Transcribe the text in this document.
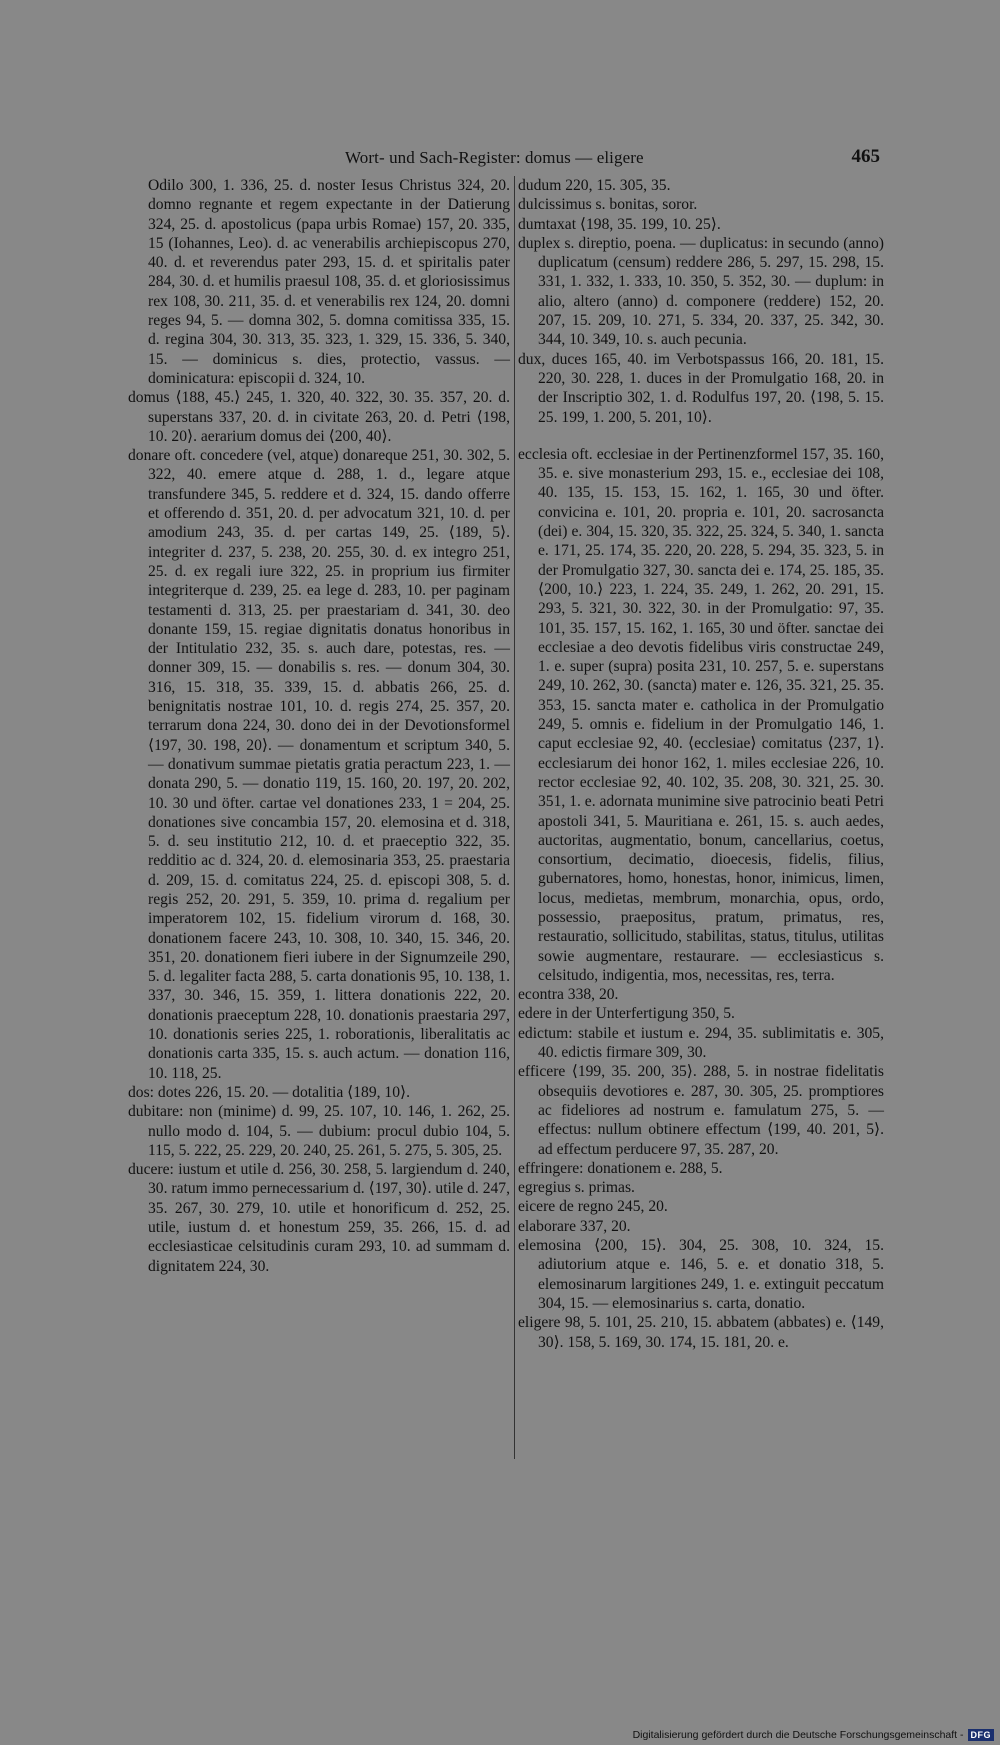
Wort- und Sach-Register: domus — eligere	465

Odilo 300, 1. 336, 25. d. noster Iesus Christus 324, 20. domno regnante et regem expectante in der Datierung 324, 25. d. apostolicus (papa urbis Romae) 157, 20. 335, 15 (Iohannes, Leo). d. ac venerabilis archiepiscopus 270, 40. d. et reverendus pater 293, 15. d. et spiritalis pater 284, 30. d. et humilis praesul 108, 35. d. et gloriosissimus rex 108, 30. 211, 35. d. et venerabilis rex 124, 20. domni reges 94, 5. — domna 302, 5. domna comitissa 335, 15. d. regina 304, 30. 313, 35. 323, 1. 329, 15. 336, 5. 340, 15. — dominicus s. dies, protectio, vassus. — dominicatura: episcopii d. 324, 10.

domus ⟨188, 45.⟩ 245, 1. 320, 40. 322, 30. 35. 357, 20. d. superstans 337, 20. d. in civitate 263, 20. d. Petri ⟨198, 10. 20⟩. aerarium domus dei ⟨200, 40⟩.

donare oft. concedere (vel, atque) donareque 251, 30. 302, 5. 322, 40. emere atque d. 288, 1. d., legare atque transfundere 345, 5. reddere et d. 324, 15. dando offerre et offerendo d. 351, 20. d. per advocatum 321, 10. d. per amodium 243, 35. d. per cartas 149, 25. ⟨189, 5⟩. integriter d. 237, 5. 238, 20. 255, 30. d. ex integro 251, 25. d. ex regali iure 322, 25. in proprium ius firmiter integriterque d. 239, 25. ea lege d. 283, 10. per paginam testamenti d. 313, 25. per praestariam d. 341, 30. deo donante 159, 15. regiae dignitatis donatus honoribus in der Intitulatio 232, 35. s. auch dare, potestas, res. — donner 309, 15. — donabilis s. res. — donum 304, 30. 316, 15. 318, 35. 339, 15. d. abbatis 266, 25. d. benignitatis nostrae 101, 10. d. regis 274, 25. 357, 20. terrarum dona 224, 30. dono dei in der Devotionsformel ⟨197, 30. 198, 20⟩. — donamentum et scriptum 340, 5. — donativum summae pietatis gratia peractum 223, 1. — donata 290, 5. — donatio 119, 15. 160, 20. 197, 20. 202, 10. 30 und öfter. cartae vel donationes 233, 1 = 204, 25. donationes sive concambia 157, 20. elemosina et d. 318, 5. d. seu institutio 212, 10. d. et praeceptio 322, 35. redditio ac d. 324, 20. d. elemosinaria 353, 25. praestaria d. 209, 15. d. comitatus 224, 25. d. episcopi 308, 5. d. regis 252, 20. 291, 5. 359, 10. prima d. regalium per imperatorem 102, 15. fidelium virorum d. 168, 30. donationem facere 243, 10. 308, 10. 340, 15. 346, 20. 351, 20. donationem fieri iubere in der Signumzeile 290, 5. d. legaliter facta 288, 5. carta donationis 95, 10. 138, 1. 337, 30. 346, 15. 359, 1. littera donationis 222, 20. donationis praeceptum 228, 10. donationis praestaria 297, 10. donationis series 225, 1. roborationis, liberalitatis ac donationis carta 335, 15. s. auch actum. — donation 116, 10. 118, 25.

dos: dotes 226, 15. 20. — dotalitia ⟨189, 10⟩.

dubitare: non (minime) d. 99, 25. 107, 10. 146, 1. 262, 25. nullo modo d. 104, 5. — dubium: procul dubio 104, 5. 115, 5. 222, 25. 229, 20. 240, 25. 261, 5. 275, 5. 305, 25.

ducere: iustum et utile d. 256, 30. 258, 5. largiendum d. 240, 30. ratum immo pernecessarium d. ⟨197, 30⟩. utile d. 247, 35. 267, 30. 279, 10. utile et honorificum d. 252, 25. utile, iustum d. et honestum 259, 35. 266, 15. d. ad ecclesiasticae celsitudinis curam 293, 10. ad summam d. dignitatem 224, 30.

dudum 220, 15. 305, 35.

dulcissimus s. bonitas, soror.

dumtaxat ⟨198, 35. 199, 10. 25⟩.

duplex s. direptio, poena. — duplicatus: in secundo (anno) duplicatum (censum) reddere 286, 5. 297, 15. 298, 15. 331, 1. 332, 1. 333, 10. 350, 5. 352, 30. — duplum: in alio, altero (anno) d. componere (reddere) 152, 20. 207, 15. 209, 10. 271, 5. 334, 20. 337, 25. 342, 30. 344, 10. 349, 10. s. auch pecunia.

dux, duces 165, 40. im Verbotspassus 166, 20. 181, 15. 220, 30. 228, 1. duces in der Promulgatio 168, 20. in der Inscriptio 302, 1. d. Rodulfus 197, 20. ⟨198, 5. 15. 25. 199, 1. 200, 5. 201, 10⟩.

ecclesia oft. ecclesiae in der Pertinenzformel 157, 35. 160, 35. e. sive monasterium 293, 15. e., ecclesiae dei 108, 40. 135, 15. 153, 15. 162, 1. 165, 30 und öfter. convicina e. 101, 20. propria e. 101, 20. sacrosancta (dei) e. 304, 15. 320, 35. 322, 25. 324, 5. 340, 1. sancta e. 171, 25. 174, 35. 220, 20. 228, 5. 294, 35. 323, 5. in der Promulgatio 327, 30. sancta dei e. 174, 25. 185, 35. ⟨200, 10.⟩ 223, 1. 224, 35. 249, 1. 262, 20. 291, 15. 293, 5. 321, 30. 322, 30. in der Promulgatio: 97, 35. 101, 35. 157, 15. 162, 1. 165, 30 und öfter. sanctae dei ecclesiae a deo devotis fidelibus viris constructae 249, 1. e. super (supra) posita 231, 10. 257, 5. e. superstans 249, 10. 262, 30. (sancta) mater e. 126, 35. 321, 25. 35. 353, 15. sancta mater e. catholica in der Promulgatio 249, 5. omnis e. fidelium in der Promulgatio 146, 1. caput ecclesiae 92, 40. ⟨ecclesiae⟩ comitatus ⟨237, 1⟩. ecclesiarum dei honor 162, 1. miles ecclesiae 226, 10. rector ecclesiae 92, 40. 102, 35. 208, 30. 321, 25. 30. 351, 1. e. adornata munimine sive patrocinio beati Petri apostoli 341, 5. Mauritiana e. 261, 15. s. auch aedes, auctoritas, augmentatio, bonum, cancellarius, coetus, consortium, decimatio, dioecesis, fidelis, filius, gubernatores, homo, honestas, honor, inimicus, limen, locus, medietas, membrum, monarchia, opus, ordo, possessio, praepositus, pratum, primatus, res, restauratio, sollicitudo, stabilitas, status, titulus, utilitas sowie augmentare, restaurare. — ecclesiasticus s. celsitudo, indigentia, mos, necessitas, res, terra.

econtra 338, 20.

edere in der Unterfertigung 350, 5.

edictum: stabile et iustum e. 294, 35. sublimitatis e. 305, 40. edictis firmare 309, 30.

efficere ⟨199, 35. 200, 35⟩. 288, 5. in nostrae fidelitatis obsequiis devotiores e. 287, 30. 305, 25. promptiores ac fideliores ad nostrum e. famulatum 275, 5. — effectus: nullum obtinere effectum ⟨199, 40. 201, 5⟩. ad effectum perducere 97, 35. 287, 20.

effringere: donationem e. 288, 5.

egregius s. primas.

eicere de regno 245, 20.

elaborare 337, 20.

elemosina ⟨200, 15⟩. 304, 25. 308, 10. 324, 15. adiutorium atque e. 146, 5. e. et donatio 318, 5. elemosinarum largitiones 249, 1. e. extinguit peccatum 304, 15. — elemosinarius s. carta, donatio.

eligere 98, 5. 101, 25. 210, 15. abbatem (abbates) e. ⟨149, 30⟩. 158, 5. 169, 30. 174, 15. 181, 20. e.

Digitalisierung gefördert durch die Deutsche Forschungsgemeinschaft - DFG
